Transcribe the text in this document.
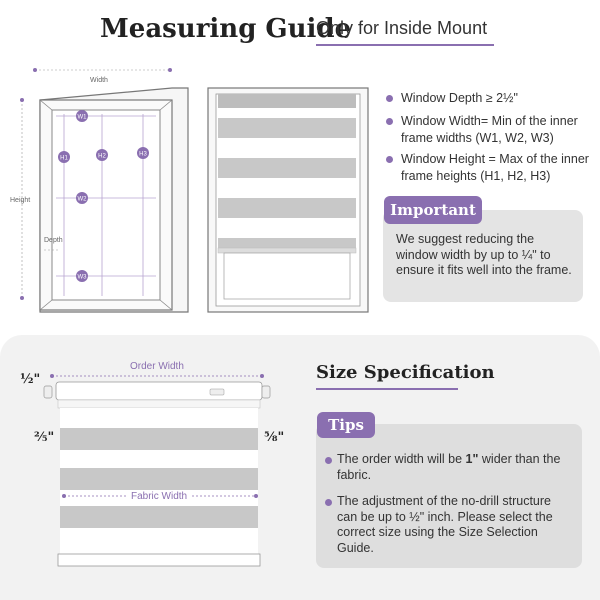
Measuring Guide
Only for Inside Mount
W1
W2
W3
H1	H2	H3
Width
Height
Depth
Window Depth ≥ 2½"
Window Width= Min of the inner frame widths (W1, W2, W3)
Window Height = Max of the inner frame heights (H1, H2, H3)
Important
We suggest reducing the window width by up to ¼" to ensure it fits well into the frame.
Order Width
Fabric Width
½"
⅖"	⅝"
Size Specification
Tips
The order width will be 1" wider than the fabric.
The adjustment of the no-drill structure can be up to ½" inch. Please select the correct size using the Size Selection Guide.
